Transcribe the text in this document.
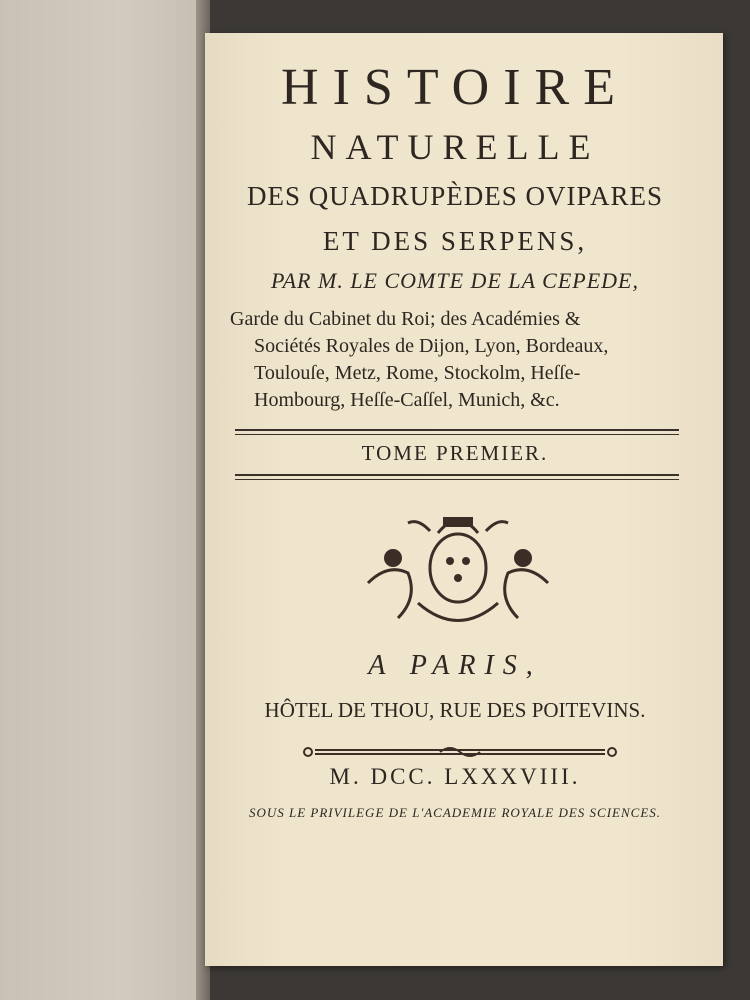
HISTOIRE
NATURELLE
DES QUADRUPÈDES OVIPARES
ET DES SERPENS,
PAR M. LE COMTE DE LA CEPEDE,
Garde du Cabinet du Roi; des Académies &
Sociétés Royales de Dijon, Lyon, Bordeaux,
Toulouſe, Metz, Rome, Stockolm, Heſſe-
Hombourg, Heſſe-Caſſel, Munich, &c.
TOME PREMIER.
A PARIS,
HÔTEL DE THOU, RUE DES POITEVINS.
M. DCC. LXXXVIII.
SOUS LE PRIVILEGE DE L'ACADEMIE ROYALE DES SCIENCES.
